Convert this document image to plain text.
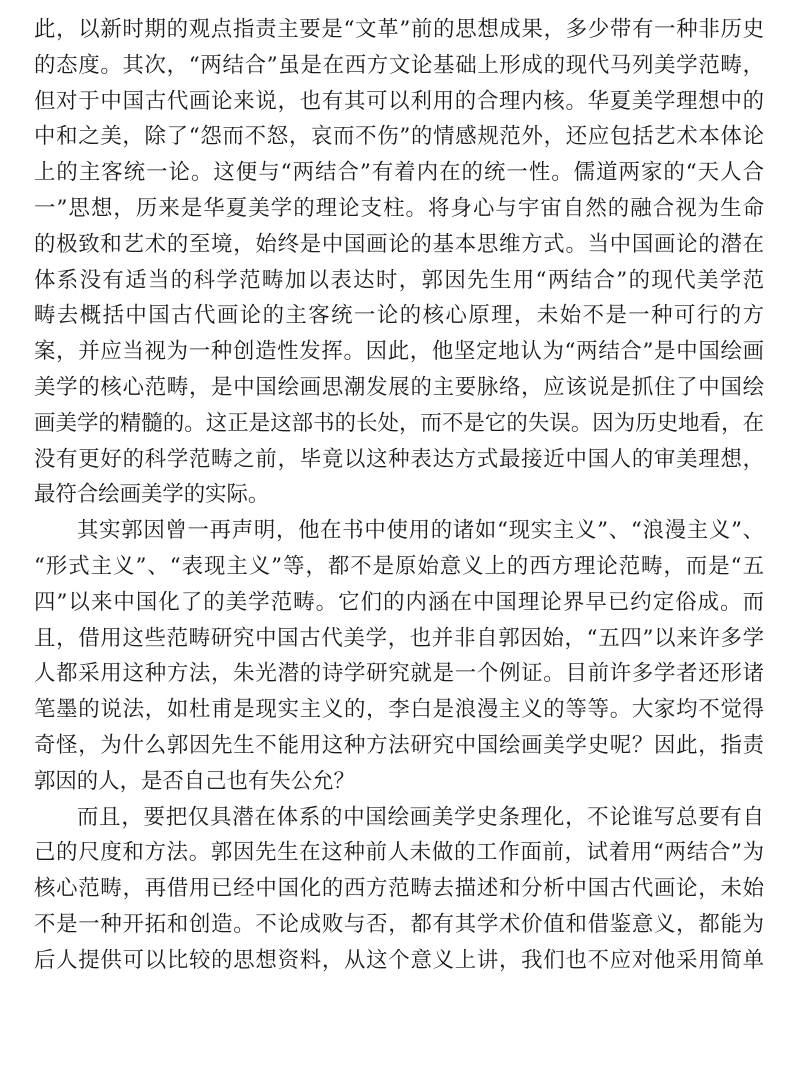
此，以新时期的观点指责主要是“文革”前的思想成果，多少带有一种非历史
的态度。其次，“两结合”虽是在西方文论基础上形成的现代马列美学范畴，
但对于中国古代画论来说，也有其可以利用的合理内核。华夏美学理想中的
中和之美，除了“怨而不怒，哀而不伤”的情感规范外，还应包括艺术本体论
上的主客统一论。这便与“两结合”有着内在的统一性。儒道两家的“天人合
一”思想，历来是华夏美学的理论支柱。将身心与宇宙自然的融合视为生命
的极致和艺术的至境，始终是中国画论的基本思维方式。当中国画论的潜在
体系没有适当的科学范畴加以表达时，郭因先生用“两结合”的现代美学范
畴去概括中国古代画论的主客统一论的核心原理，未始不是一种可行的方
案，并应当视为一种创造性发挥。因此，他坚定地认为“两结合”是中国绘画
美学的核心范畴，是中国绘画思潮发展的主要脉络，应该说是抓住了中国绘
画美学的精髓的。这正是这部书的长处，而不是它的失误。因为历史地看，在
没有更好的科学范畴之前，毕竟以这种表达方式最接近中国人的审美理想，
最符合绘画美学的实际。
其实郭因曾一再声明，他在书中使用的诸如“现实主义”、“浪漫主义”、
“形式主义”、“表现主义”等，都不是原始意义上的西方理论范畴，而是“五
四”以来中国化了的美学范畴。它们的内涵在中国理论界早已约定俗成。而
且，借用这些范畴研究中国古代美学，也并非自郭因始，“五四”以来许多学
人都采用这种方法，朱光潜的诗学研究就是一个例证。目前许多学者还形诸
笔墨的说法，如杜甫是现实主义的，李白是浪漫主义的等等。大家均不觉得
奇怪，为什么郭因先生不能用这种方法研究中国绘画美学史呢？因此，指责
郭因的人，是否自己也有失公允？
而且，要把仅具潜在体系的中国绘画美学史条理化，不论谁写总要有自
己的尺度和方法。郭因先生在这种前人未做的工作面前，试着用“两结合”为
核心范畴，再借用已经中国化的西方范畴去描述和分析中国古代画论，未始
不是一种开拓和创造。不论成败与否，都有其学术价值和借鉴意义，都能为
后人提供可以比较的思想资料，从这个意义上讲，我们也不应对他采用简单
